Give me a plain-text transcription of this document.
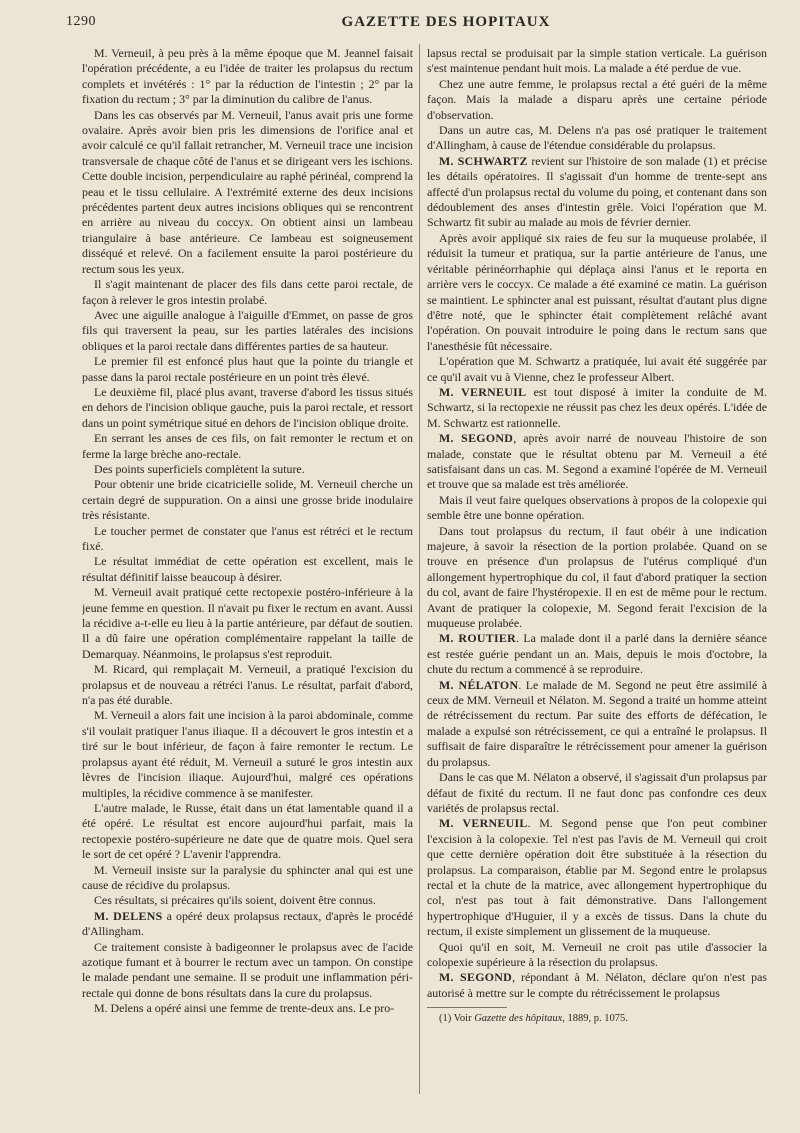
1290	GAZETTE DES HOPITAUX

M. Verneuil, à peu près à la même époque que M. Jeannel faisait l'opération précédente, a eu l'idée de traiter les prolapsus du rectum complets et invétérés : 1° par la réduction de l'intestin ; 2° par la fixation du rectum ; 3° par la diminution du calibre de l'anus.

Dans les cas observés par M. Verneuil, l'anus avait pris une forme ovalaire. Après avoir bien pris les dimensions de l'orifice anal et avoir calculé ce qu'il fallait retrancher, M. Verneuil trace une incision transversale de chaque côté de l'anus et se dirigeant vers les ischions. Cette double incision, perpendiculaire au raphé périnéal, comprend la peau et le tissu cellulaire. A l'extrémité externe des deux incisions précédentes partent deux autres incisions obliques qui se rencontrent en arrière au niveau du coccyx. On obtient ainsi un lambeau triangulaire à base antérieure. Ce lambeau est soigneusement disséqué et relevé. On a facilement ensuite la paroi postérieure du rectum sous les yeux.

Il s'agit maintenant de placer des fils dans cette paroi rectale, de façon à relever le gros intestin prolabé.

Avec une aiguille analogue à l'aiguille d'Emmet, on passe de gros fils qui traversent la peau, sur les parties latérales des incisions obliques et la paroi rectale dans différentes parties de sa hauteur.

Le premier fil est enfoncé plus haut que la pointe du triangle et passe dans la paroi rectale postérieure en un point très élevé.

Le deuxième fil, placé plus avant, traverse d'abord les tissus situés en dehors de l'incision oblique gauche, puis la paroi rectale, et ressort dans un point symétrique situé en dehors de l'incision oblique droite.

En serrant les anses de ces fils, on fait remonter le rectum et on ferme la large brèche ano-rectale.

Des points superficiels complètent la suture.

Pour obtenir une bride cicatricielle solide, M. Verneuil cherche un certain degré de suppuration. On a ainsi une grosse bride inodulaire très résistante.

Le toucher permet de constater que l'anus est rétréci et le rectum fixé.

Le résultat immédiat de cette opération est excellent, mais le résultat définitif laisse beaucoup à désirer.

M. Verneuil avait pratiqué cette rectopexie postéro-inférieure à la jeune femme en question. Il n'avait pu fixer le rectum en avant. Aussi la récidive a-t-elle eu lieu à la partie antérieure, par défaut de soutien. Il a dû faire une opération complémentaire rappelant la taille de Demarquay. Néanmoins, le prolapsus s'est reproduit.

M. Ricard, qui remplaçait M. Verneuil, a pratiqué l'excision du prolapsus et de nouveau a rétréci l'anus. Le résultat, parfait d'abord, n'a pas été durable.

M. Verneuil a alors fait une incision à la paroi abdominale, comme s'il voulait pratiquer l'anus iliaque. Il a découvert le gros intestin et a tiré sur le bout inférieur, de façon à faire remonter le rectum. Le prolapsus ayant été réduit, M. Verneuil a suturé le gros intestin aux lèvres de l'incision iliaque. Aujourd'hui, malgré ces opérations multiples, la récidive commence à se manifester.

L'autre malade, le Russe, était dans un état lamentable quand il a été opéré. Le résultat est encore aujourd'hui parfait, mais la rectopexie postéro-supérieure ne date que de quatre mois. Quel sera le sort de cet opéré ? L'avenir l'apprendra.

M. Verneuil insiste sur la paralysie du sphincter anal qui est une cause de récidive du prolapsus.

Ces résultats, si précaires qu'ils soient, doivent être connus.

M. DELENS a opéré deux prolapsus rectaux, d'après le procédé d'Allingham.

Ce traitement consiste à badigeonner le prolapsus avec de l'acide azotique fumant et à bourrer le rectum avec un tampon. On constipe le malade pendant une semaine. Il se produit une inflammation péri-rectale qui donne de bons résultats dans la cure du prolapsus.

M. Delens a opéré ainsi une femme de trente-deux ans. Le pro-

lapsus rectal se produisait par la simple station verticale. La guérison s'est maintenue pendant huit mois. La malade a été perdue de vue.

Chez une autre femme, le prolapsus rectal a été guéri de la même façon. Mais la malade a disparu après une certaine période d'observation.

Dans un autre cas, M. Delens n'a pas osé pratiquer le traitement d'Allingham, à cause de l'étendue considérable du prolapsus.

M. SCHWARTZ revient sur l'histoire de son malade (1) et précise les détails opératoires. Il s'agissait d'un homme de trente-sept ans affecté d'un prolapsus rectal du volume du poing, et contenant dans son dédoublement des anses d'intestin grêle. Voici l'opération que M. Schwartz fit subir au malade au mois de février dernier.

Après avoir appliqué six raies de feu sur la muqueuse prolabée, il réduisit la tumeur et pratiqua, sur la partie antérieure de l'anus, une véritable périnéorrhaphie qui déplaça ainsi l'anus et le reporta en arrière vers le coccyx. Ce malade a été examiné ce matin. La guérison se maintient. Le sphincter anal est puissant, résultat d'autant plus digne d'être noté, que le sphincter était complètement relâché avant l'opération. On pouvait introduire le poing dans le rectum sans que l'anesthésie fût nécessaire.

L'opération que M. Schwartz a pratiquée, lui avait été suggérée par ce qu'il avait vu à Vienne, chez le professeur Albert.

M. VERNEUIL est tout disposé à imiter la conduite de M. Schwartz, si la rectopexie ne réussit pas chez les deux opérés. L'idée de M. Schwartz est rationnelle.

M. SEGOND, après avoir narré de nouveau l'histoire de son malade, constate que le résultat obtenu par M. Verneuil a été satisfaisant dans un cas. M. Segond a examiné l'opérée de M. Verneuil et trouve que sa malade est très améliorée.

Mais il veut faire quelques observations à propos de la colopexie qui semble être une bonne opération.

Dans tout prolapsus du rectum, il faut obéir à une indication majeure, à savoir la résection de la portion prolabée. Quand on se trouve en présence d'un prolapsus de l'utérus compliqué d'un allongement hypertrophique du col, il faut d'abord pratiquer la section du col, avant de faire l'hystéropexie. Il en est de même pour le rectum. Avant de pratiquer la colopexie, M. Segond ferait l'excision de la muqueuse prolabée.

M. ROUTIER. La malade dont il a parlé dans la dernière séance est restée guérie pendant un an. Mais, depuis le mois d'octobre, la chute du rectum a commencé à se reproduire.

M. NÉLATON. Le malade de M. Segond ne peut être assimilé à ceux de MM. Verneuil et Nélaton. M. Segond a traité un homme atteint de rétrécissement du rectum. Par suite des efforts de défécation, le malade a expulsé son rétrécissement, ce qui a entraîné le prolapsus. Il suffisait de faire disparaître le rétrécissement pour amener la guérison du prolapsus.

Dans le cas que M. Nélaton a observé, il s'agissait d'un prolapsus par défaut de fixité du rectum. Il ne faut donc pas confondre ces deux variétés de prolapsus rectal.

M. VERNEUIL. M. Segond pense que l'on peut combiner l'excision à la colopexie. Tel n'est pas l'avis de M. Verneuil qui croit que cette dernière opération doit être substituée à la résection du prolapsus. La comparaison, établie par M. Segond entre le prolapsus rectal et la chute de la matrice, avec allongement hypertrophique du col, n'est pas tout à fait démonstrative. Dans l'allongement hypertrophique d'Huguier, il y a excès de tissus. Dans la chute du rectum, il existe simplement un glissement de la muqueuse.

Quoi qu'il en soit, M. Verneuil ne croit pas utile d'associer la colopexie supérieure à la résection du prolapsus.

M. SEGOND, répondant à M. Nélaton, déclare qu'on n'est pas autorisé à mettre sur le compte du rétrécissement le prolapsus

(1) Voir Gazette des hôpitaux, 1889, p. 1075.
